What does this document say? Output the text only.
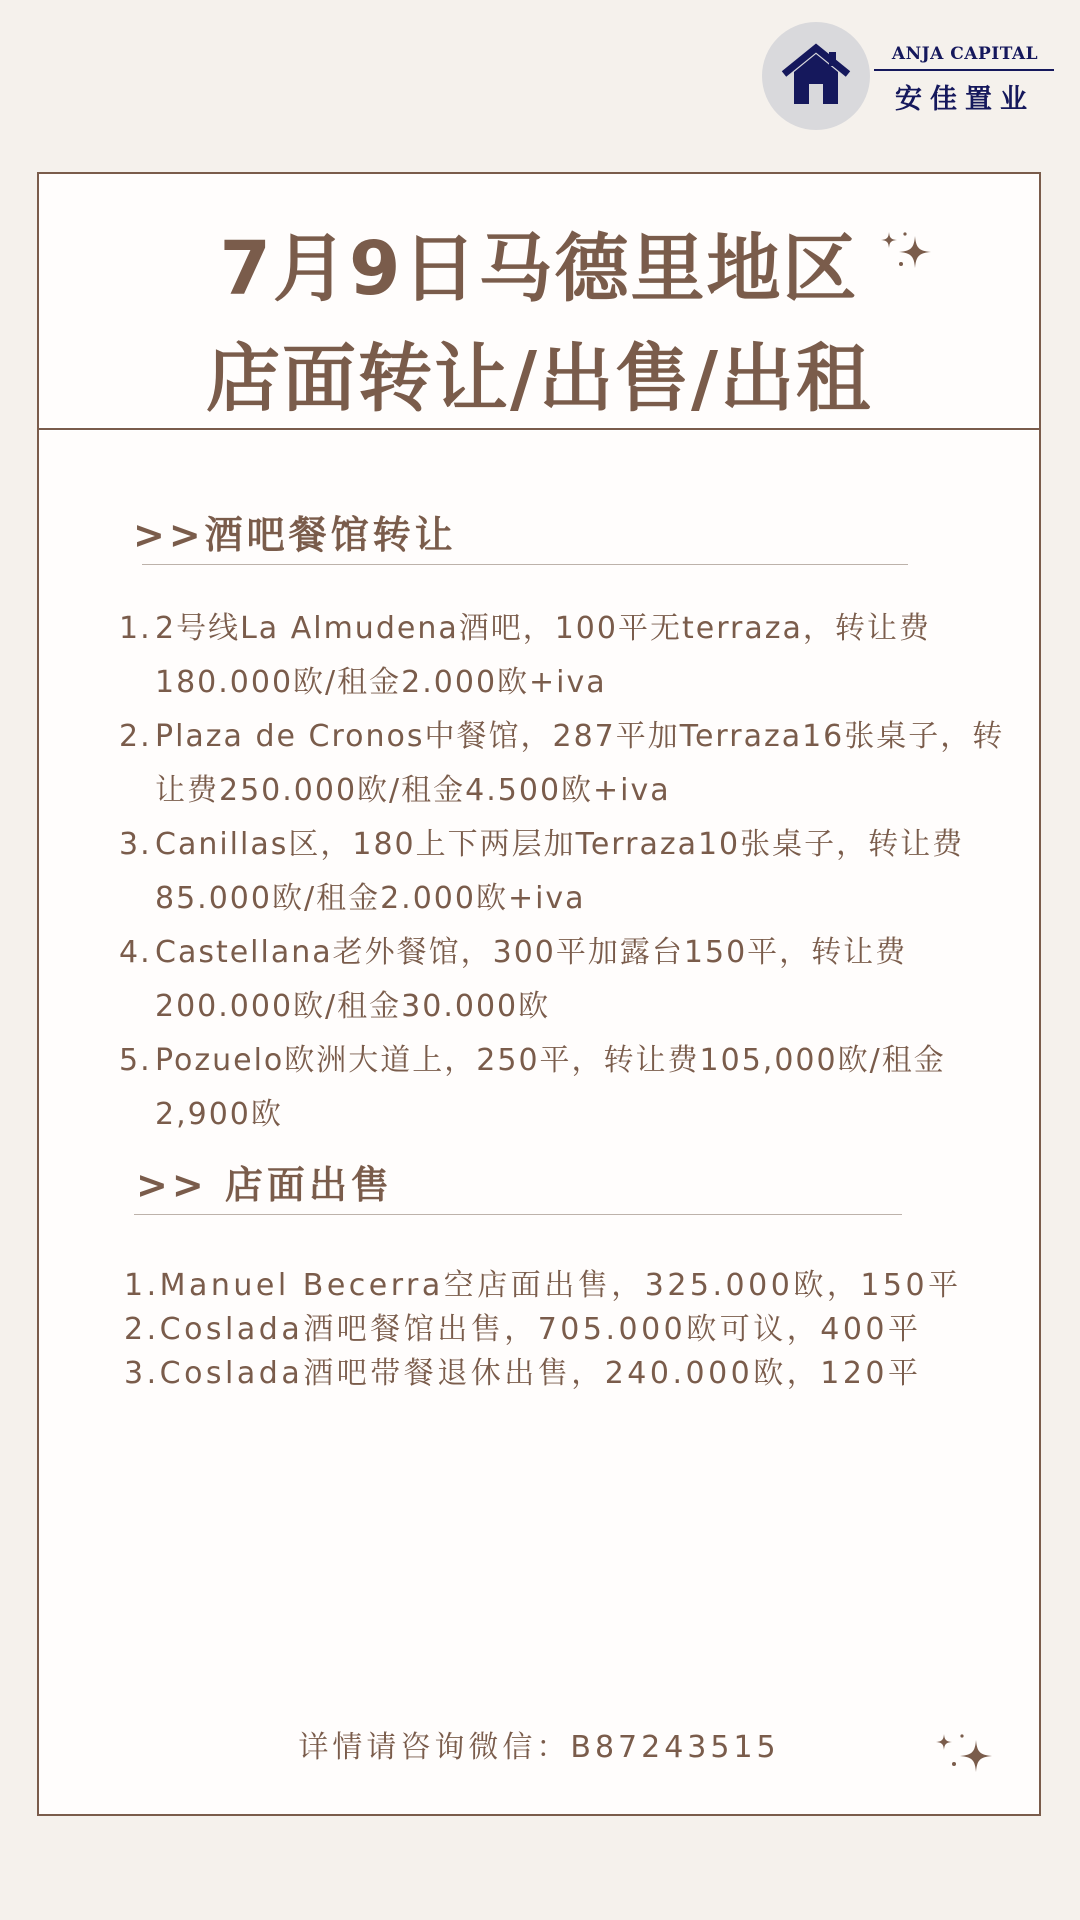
ANJA CAPITAL
安佳置业
7月9日马德里地区
店面转让/出售/出租
>>酒吧餐馆转让
1. 2号线La Almudena酒吧，100平无terraza，转让费180.000欧/租金2.000欧+iva
2. Plaza de Cronos中餐馆，287平加Terraza16张桌子，转让费250.000欧/租金4.500欧+iva
3. Canillas区，180上下两层加Terraza10张桌子，转让费85.000欧/租金2.000欧+iva
4. Castellana老外餐馆，300平加露台150平，转让费200.000欧/租金30.000欧
5. Pozuelo欧洲大道上，250平，转让费105,000欧/租金2,900欧
>> 店面出售
1.Manuel Becerra空店面出售，325.000欧，150平
2.Coslada酒吧餐馆出售，705.000欧可议，400平
3.Coslada酒吧带餐退休出售，240.000欧，120平
详情请咨询微信：B87243515
